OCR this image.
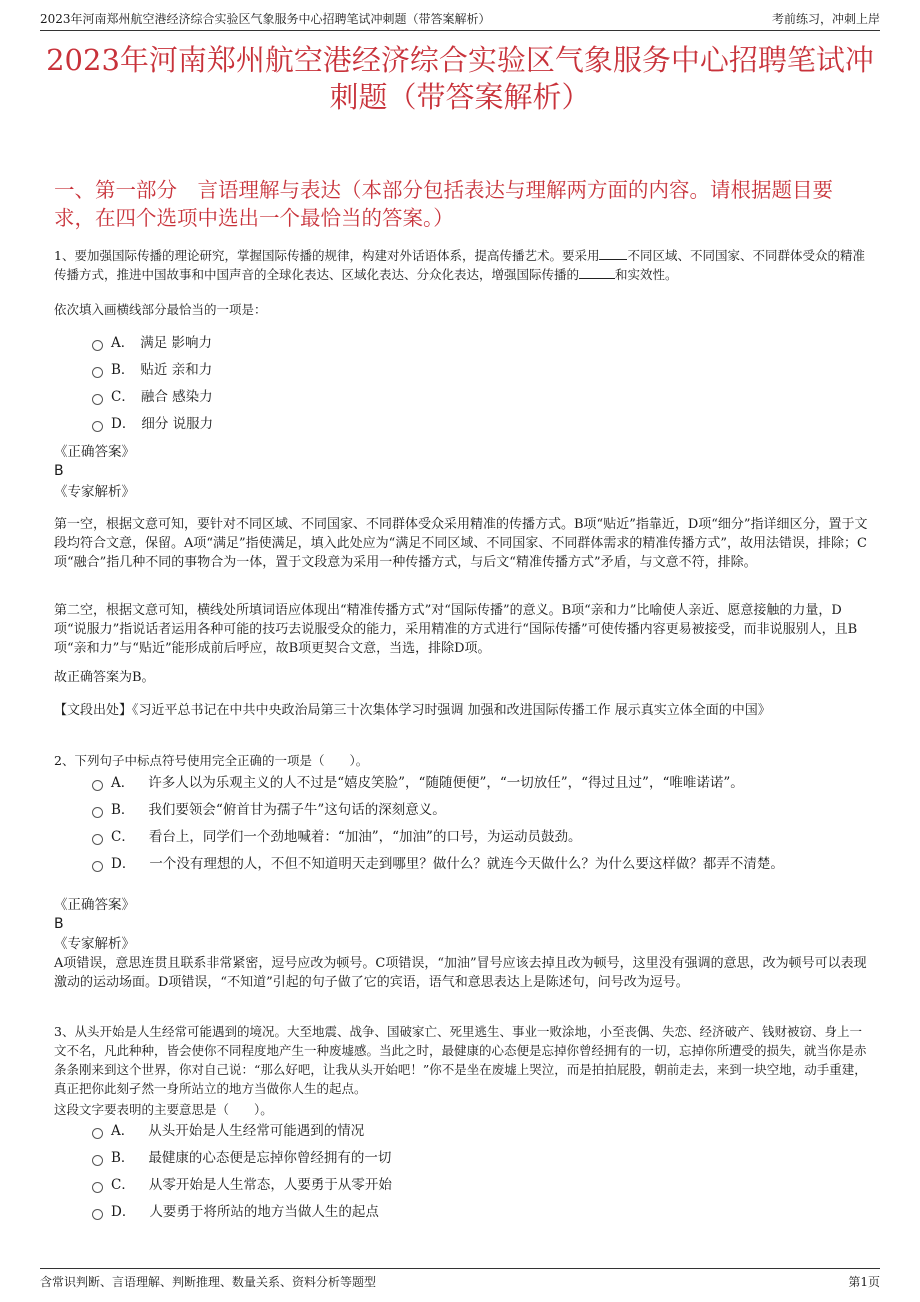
2023年河南郑州航空港经济综合实验区气象服务中心招聘笔试冲刺题（带答案解析）	考前练习，冲刺上岸
2023年河南郑州航空港经济综合实验区气象服务中心招聘笔试冲刺题（带答案解析）
一、第一部分　言语理解与表达（本部分包括表达与理解两方面的内容。请根据题目要求，在四个选项中选出一个最恰当的答案。）
1、要加强国际传播的理论研究，掌握国际传播的规律，构建对外话语体系，提高传播艺术。要采用 不同区域、不同国家、不同群体受众的精准传播方式，推进中国故事和中国声音的全球化表达、区域化表达、分众化表达，增强国际传播的	和实效性。
依次填入画横线部分最恰当的一项是：
A． 满足 影响力
B． 贴近 亲和力
C． 融合 感染力
D． 细分 说服力
《正确答案》
B
《专家解析》
第一空，根据文意可知，要针对不同区域、不同国家、不同群体受众采用精准的传播方式。B项“贴近”指靠近，D项“细分”指详细区分，置于文段均符合文意，保留。A项“满足”指使满足，填入此处应为“满足不同区域、不同国家、不同群体需求的精准传播方式”，故用法错误，排除；C项“融合”指几种不同的事物合为一体，置于文段意为采用一种传播方式，与后文“精准传播方式”矛盾，与文意不符，排除。
第二空，根据文意可知，横线处所填词语应体现出“精准传播方式”对“国际传播”的意义。B项“亲和力”比喻使人亲近、愿意接触的力量，D项“说服力”指说话者运用各种可能的技巧去说服受众的能力，采用精准的方式进行“国际传播”可使传播内容更易被接受，而非说服别人，且B项“亲和力”与“贴近”能形成前后呼应，故B项更契合文意，当选，排除D项。
故正确答案为B。
【文段出处】《习近平总书记在中共中央政治局第三十次集体学习时强调 加强和改进国际传播工作 展示真实立体全面的中国》
2、下列句子中标点符号使用完全正确的一项是（　　）。
A． 许多人以为乐观主义的人不过是“嬉皮笑脸”，“随随便便”，“一切放任”，“得过且过”，“唯唯诺诺”。
B． 我们要领会“俯首甘为孺子牛”这句话的深刻意义。
C． 看台上，同学们一个劲地喊着：“加油”，“加油”的口号，为运动员鼓劲。
D． 一个没有理想的人，不但不知道明天走到哪里？做什么？就连今天做什么？为什么要这样做？都弄不清楚。
《正确答案》
B
《专家解析》
A项错误，意思连贯且联系非常紧密，逗号应改为顿号。C项错误，“加油”冒号应该去掉且改为顿号，这里没有强调的意思，改为顿号可以表现激动的运动场面。D项错误，“不知道”引起的句子做了它的宾语，语气和意思表达上是陈述句，问号改为逗号。
3、从头开始是人生经常可能遇到的境况。大至地震、战争、国破家亡、死里逃生、事业一败涂地，小至丧偶、失恋、经济破产、钱财被窃、身上一文不名，凡此种种，皆会使你不同程度地产生一种废墟感。当此之时，最健康的心态便是忘掉你曾经拥有的一切，忘掉你所遭受的损失，就当你是赤条条刚来到这个世界，你对自己说：“那么好吧，让我从头开始吧！”你不是坐在废墟上哭泣，而是拍拍屁股，朝前走去，来到一块空地，动手重建，真正把你此刻孑然一身所站立的地方当做你人生的起点。
这段文字要表明的主要意思是（　　）。
A． 从头开始是人生经常可能遇到的情况
B． 最健康的心态便是忘掉你曾经拥有的一切
C． 从零开始是人生常态，人要勇于从零开始
D． 人要勇于将所站的地方当做人生的起点
含常识判断、言语理解、判断推理、数量关系、资料分析等题型	第1页
